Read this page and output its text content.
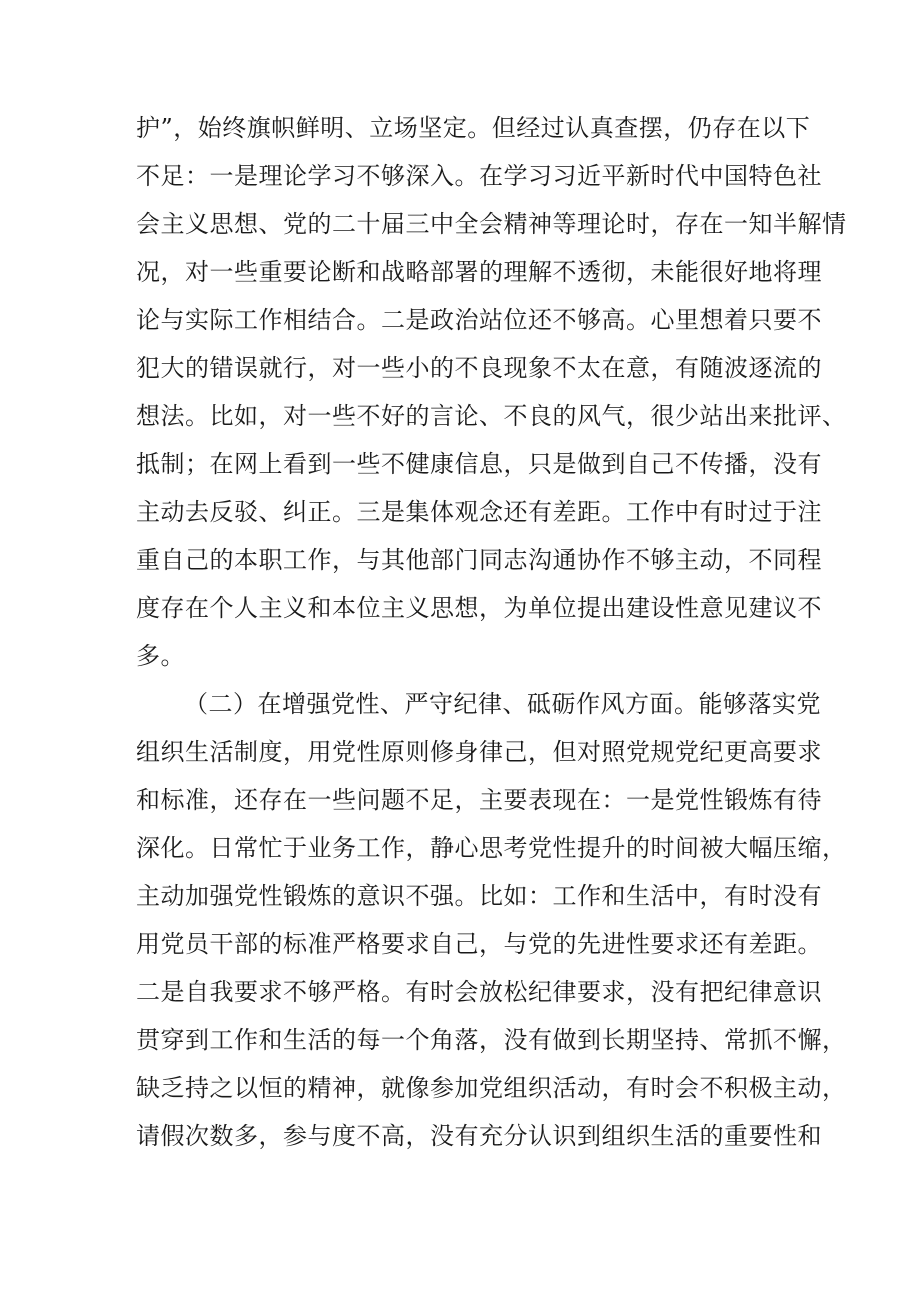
护”，始终旗帜鲜明、立场坚定。但经过认真查摆，仍存在以下
不足：一是理论学习不够深入。在学习习近平新时代中国特色社
会主义思想、党的二十届三中全会精神等理论时，存在一知半解情
况，对一些重要论断和战略部署的理解不透彻，未能很好地将理
论与实际工作相结合。二是政治站位还不够高。心里想着只要不
犯大的错误就行，对一些小的不良现象不太在意，有随波逐流的
想法。比如，对一些不好的言论、不良的风气，很少站出来批评、
抵制；在网上看到一些不健康信息，只是做到自己不传播，没有
主动去反驳、纠正。三是集体观念还有差距。工作中有时过于注
重自己的本职工作，与其他部门同志沟通协作不够主动，不同程
度存在个人主义和本位主义思想，为单位提出建设性意见建议不
多。
（二）在增强党性、严守纪律、砥砺作风方面。能够落实党
组织生活制度，用党性原则修身律己，但对照党规党纪更高要求
和标准，还存在一些问题不足，主要表现在：一是党性锻炼有待
深化。日常忙于业务工作，静心思考党性提升的时间被大幅压缩，
主动加强党性锻炼的意识不强。比如：工作和生活中，有时没有
用党员干部的标准严格要求自己，与党的先进性要求还有差距。
二是自我要求不够严格。有时会放松纪律要求，没有把纪律意识
贯穿到工作和生活的每一个角落，没有做到长期坚持、常抓不懈，
缺乏持之以恒的精神，就像参加党组织活动，有时会不积极主动，
请假次数多，参与度不高，没有充分认识到组织生活的重要性和
